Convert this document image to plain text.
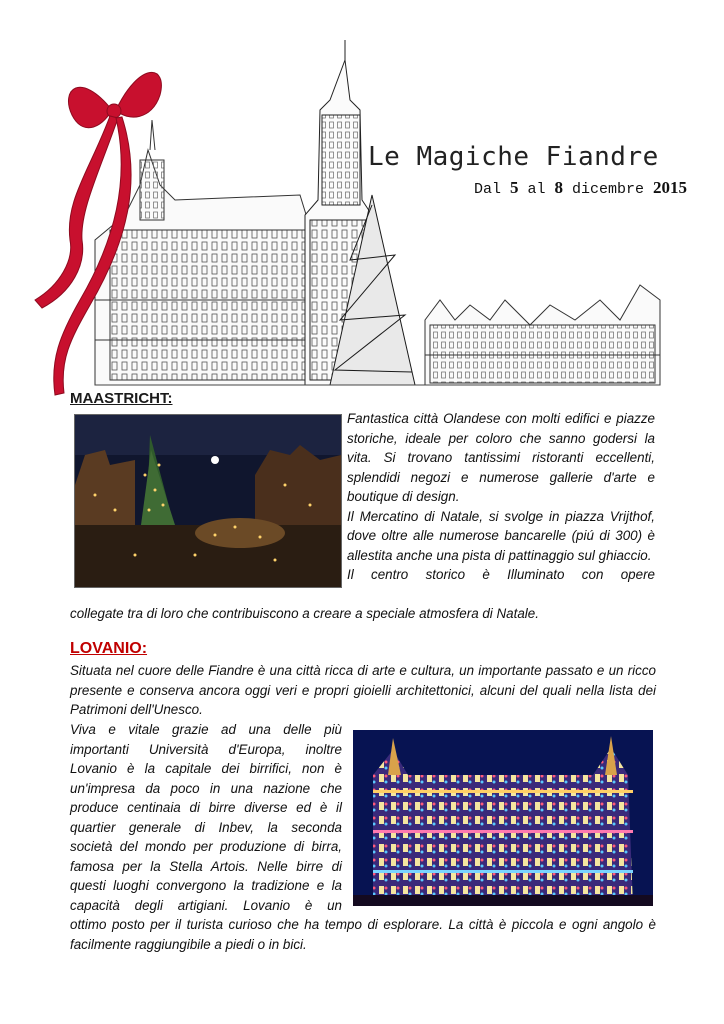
Le Magiche Fiandre
Dal 5 al 8 dicembre 2015
MAASTRICHT:

Fantastica città Olandese con molti edifici e piazze storiche, ideale per coloro che sanno godersi la vita. Si trovano tantissimi ristoranti eccellenti, splendidi negozi e numerose gallerie d'arte e boutique di design.

Il Mercatino di Natale, si svolge in piazza Vrijthof, dove oltre alle numerose bancarelle (piú di 300) è allestita anche una pista di pattinaggio sul ghiaccio.

Il centro storico è Illuminato con opere

collegate tra di loro che contribuiscono a creare a speciale atmosfera di Natale.

LOVANIO:

Situata nel cuore delle Fiandre è una città ricca di arte e cultura, un importante passato e un ricco presente e conserva ancora oggi veri e propri gioielli architettonici, alcuni del quali nella lista dei Patrimoni dell'Unesco.

Viva e vitale grazie ad una delle più
importanti Università d'Europa, inoltre
Lovanio è la capitale dei birrifici, non è
un'impresa da poco in una nazione che
produce centinaia di birre diverse ed è il
quartier generale di Inbev, la seconda
società del mondo per produzione di birra,
famosa per la Stella Artois. Nelle birre di
questi luoghi convergono la tradizione e la
capacità degli artigiani. Lovanio è un

ottimo posto per il turista curioso che ha tempo di esplorare. La città è piccola e ogni angolo è facilmente raggiungibile a piedi o in bici.
